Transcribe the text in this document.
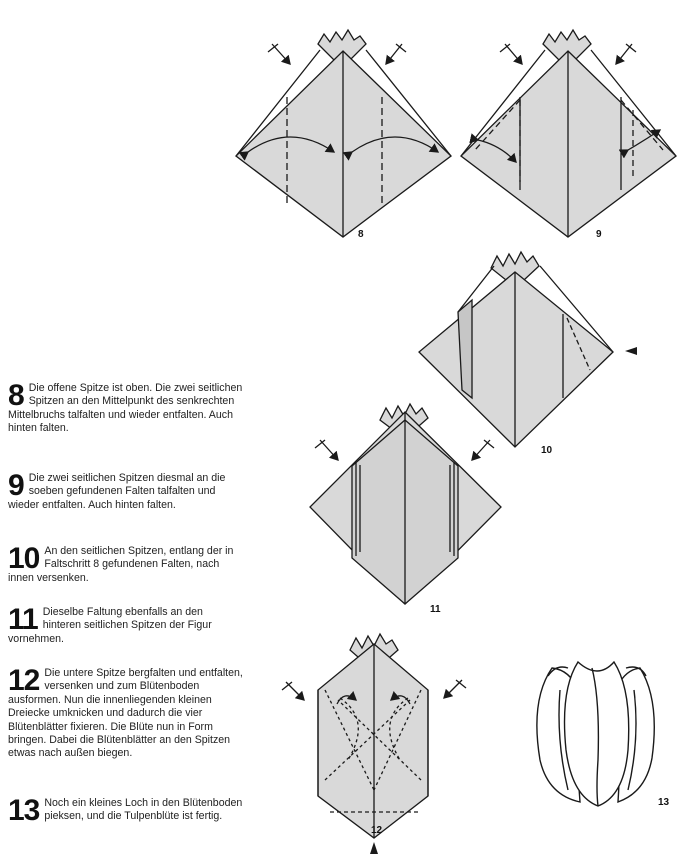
8	9
10
11
12
13
8 Die offene Spitze ist oben. Die zwei seitlichen Spitzen an den Mittelpunkt des senkrechten Mittelbruchs talfalten und wieder entfalten. Auch hinten falten.
9 Die zwei seitlichen Spitzen diesmal an die soeben gefundenen Falten talfalten und wieder entfalten. Auch hinten falten.
10 An den seitlichen Spitzen, entlang der in Faltschritt 8 gefundenen Falten, nach innen versenken.
11 Dieselbe Faltung ebenfalls an den hinteren seitlichen Spitzen der Figur vornehmen.
12 Die untere Spitze bergfalten und entfalten, versenken und zum Blütenboden ausformen. Nun die innenliegenden kleinen Dreiecke umknicken und dadurch die vier Blütenblätter fixieren. Die Blüte nun in Form bringen. Dabei die Blütenblätter an den Spitzen etwas nach außen biegen.
13 Noch ein kleines Loch in den Blütenboden pieksen, und die Tulpenblüte ist fertig.
